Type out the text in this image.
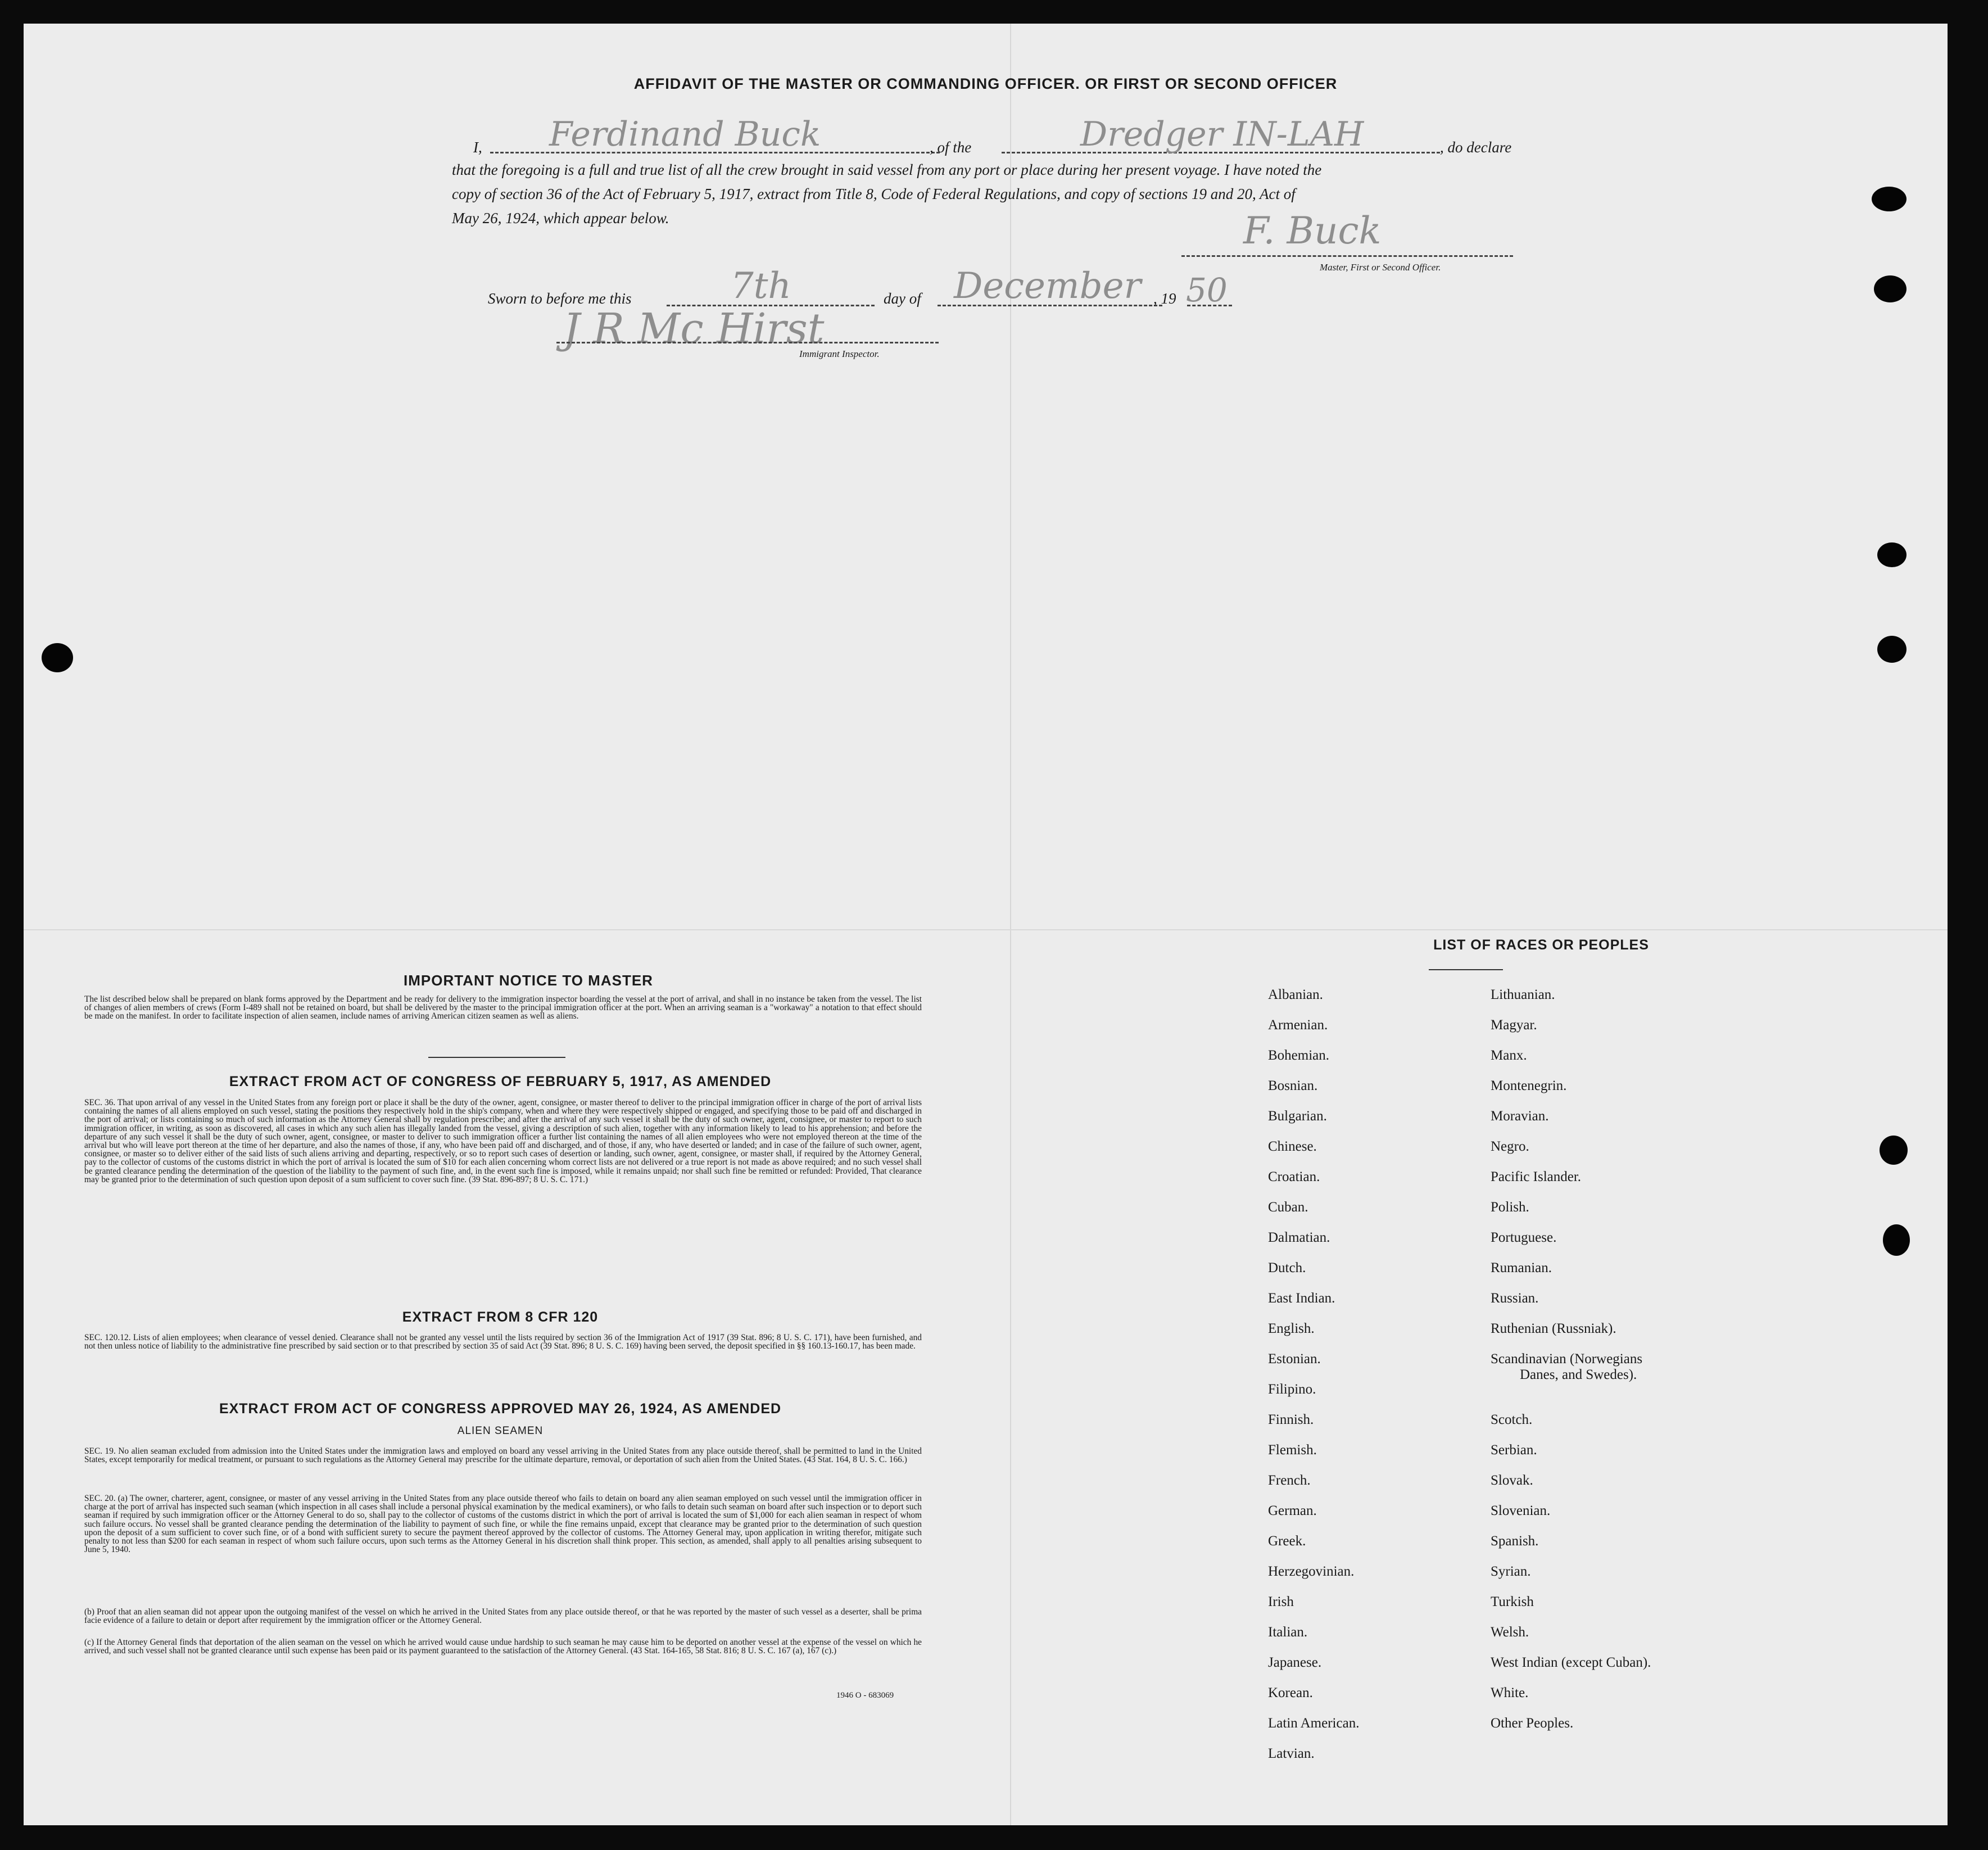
AFFIDAVIT OF THE MASTER OR COMMANDING OFFICER. OR FIRST OR SECOND OFFICER
I, Ferdinand Buck	, of the	Dredger IN-LAH	, do declare
that the foregoing is a full and true list of all the crew brought in said vessel from any port or place during her present voyage. I have noted the
copy of section 36 of the Act of February 5, 1917, extract from Title 8, Code of Federal Regulations, and copy of sections 19 and 20, Act of
May 26, 1924, which appear below.	F. Buck
Master, First or Second Officer.
Sworn to before me this	7th	day of December , 19 50
J R Mc Hirst
Immigrant Inspector.
IMPORTANT NOTICE TO MASTER
The list described below shall be prepared on blank forms approved by the Department and be ready for delivery to the immigration inspector boarding the vessel at the port of arrival, and shall in no instance be taken from the vessel. The list of changes of alien members of crews (Form I-489 shall not be retained on board, but shall be delivered by the master to the principal immigration officer at the port. When an arriving seaman is a "workaway" a notation to that effect should be made on the manifest. In order to facilitate inspection of alien seamen, include names of arriving American citizen seamen as well as aliens.
EXTRACT FROM ACT OF CONGRESS OF FEBRUARY 5, 1917, AS AMENDED
SEC. 36. That upon arrival of any vessel in the United States from any foreign port or place it shall be the duty of the owner, agent, consignee, or master thereof to deliver to the principal immigration officer in charge of the port of arrival lists containing the names of all aliens employed on such vessel, stating the positions they respectively hold in the ship's company, when and where they were respectively shipped or engaged, and specifying those to be paid off and discharged in the port of arrival; or lists containing so much of such information as the Attorney General shall by regulation prescribe; and after the arrival of any such vessel it shall be the duty of such owner, agent, consignee, or master to report to such immigration officer, in writing, as soon as discovered, all cases in which any such alien has illegally landed from the vessel, giving a description of such alien, together with any information likely to lead to his apprehension; and before the departure of any such vessel it shall be the duty of such owner, agent, consignee, or master to deliver to such immigration officer a further list containing the names of all alien employees who were not employed thereon at the time of the arrival but who will leave port thereon at the time of her departure, and also the names of those, if any, who have been paid off and discharged, and of those, if any, who have deserted or landed; and in case of the failure of such owner, agent, consignee, or master so to deliver either of the said lists of such aliens arriving and departing, respectively, or so to report such cases of desertion or landing, such owner, agent, consignee, or master shall, if required by the Attorney General, pay to the collector of customs of the customs district in which the port of arrival is located the sum of $10 for each alien concerning whom correct lists are not delivered or a true report is not made as above required; and no such vessel shall be granted clearance pending the determination of the question of the liability to the payment of such fine, and, in the event such fine is imposed, while it remains unpaid; nor shall such fine be remitted or refunded: Provided, That clearance may be granted prior to the determination of such question upon deposit of a sum sufficient to cover such fine. (39 Stat. 896-897; 8 U. S. C. 171.)
EXTRACT FROM 8 CFR 120
SEC. 120.12. Lists of alien employees; when clearance of vessel denied. Clearance shall not be granted any vessel until the lists required by section 36 of the Immigration Act of 1917 (39 Stat. 896; 8 U. S. C. 171), have been furnished, and not then unless notice of liability to the administrative fine prescribed by said section or to that prescribed by section 35 of said Act (39 Stat. 896; 8 U. S. C. 169) having been served, the deposit specified in §§ 160.13-160.17, has been made.
EXTRACT FROM ACT OF CONGRESS APPROVED MAY 26, 1924, AS AMENDED
ALIEN SEAMEN
SEC. 19. No alien seaman excluded from admission into the United States under the immigration laws and employed on board any vessel arriving in the United States from any place outside thereof, shall be permitted to land in the United States, except temporarily for medical treatment, or pursuant to such regulations as the Attorney General may prescribe for the ultimate departure, removal, or deportation of such alien from the United States. (43 Stat. 164, 8 U. S. C. 166.)
SEC. 20. (a) The owner, charterer, agent, consignee, or master of any vessel arriving in the United States from any place outside thereof who fails to detain on board any alien seaman employed on such vessel until the immigration officer in charge at the port of arrival has inspected such seaman (which inspection in all cases shall include a personal physical examination by the medical examiners), or who fails to detain such seaman on board after such inspection or to deport such seaman if required by such immigration officer or the Attorney General to do so, shall pay to the collector of customs of the customs district in which the port of arrival is located the sum of $1,000 for each alien seaman in respect of whom such failure occurs. No vessel shall be granted clearance pending the determination of the liability to payment of such fine, or while the fine remains unpaid, except that clearance may be granted prior to the determination of such question upon the deposit of a sum sufficient to cover such fine, or of a bond with sufficient surety to secure the payment thereof approved by the collector of customs. The Attorney General may, upon application in writing therefor, mitigate such penalty to not less than $200 for each seaman in respect of whom such failure occurs, upon such terms as the Attorney General in his discretion shall think proper. This section, as amended, shall apply to all penalties arising subsequent to June 5, 1940.
(b) Proof that an alien seaman did not appear upon the outgoing manifest of the vessel on which he arrived in the United States from any place outside thereof, or that he was reported by the master of such vessel as a deserter, shall be prima facie evidence of a failure to detain or deport after requirement by the immigration officer or the Attorney General.
(c) If the Attorney General finds that deportation of the alien seaman on the vessel on which he arrived would cause undue hardship to such seaman he may cause him to be deported on another vessel at the expense of the vessel on which he arrived, and such vessel shall not be granted clearance until such expense has been paid or its payment guaranteed to the satisfaction of the Attorney General. (43 Stat. 164-165, 58 Stat. 816; 8 U. S. C. 167 (a), 167 (c).)
1946 O - 683069
LIST OF RACES OR PEOPLES
Albanian.
Armenian.
Bohemian.
Bosnian.
Bulgarian.
Chinese.
Croatian.
Cuban.
Dalmatian.
Dutch.
East Indian.
English.
Estonian.
Filipino.
Finnish.
Flemish.
French.
German.
Greek.
Herzegovinian.
Irish
Italian.
Japanese.
Korean.
Latin American.
Latvian.
Lithuanian.
Magyar.
Manx.
Montenegrin.
Moravian.
Negro.
Pacific Islander.
Polish.
Portuguese.
Rumanian.
Russian.
Ruthenian (Russniak).
Scandinavian (Norwegians
Danes, and Swedes).
Scotch.
Serbian.
Slovak.
Slovenian.
Spanish.
Syrian.
Turkish
Welsh.
West Indian (except Cuban).
White.
Other Peoples.
